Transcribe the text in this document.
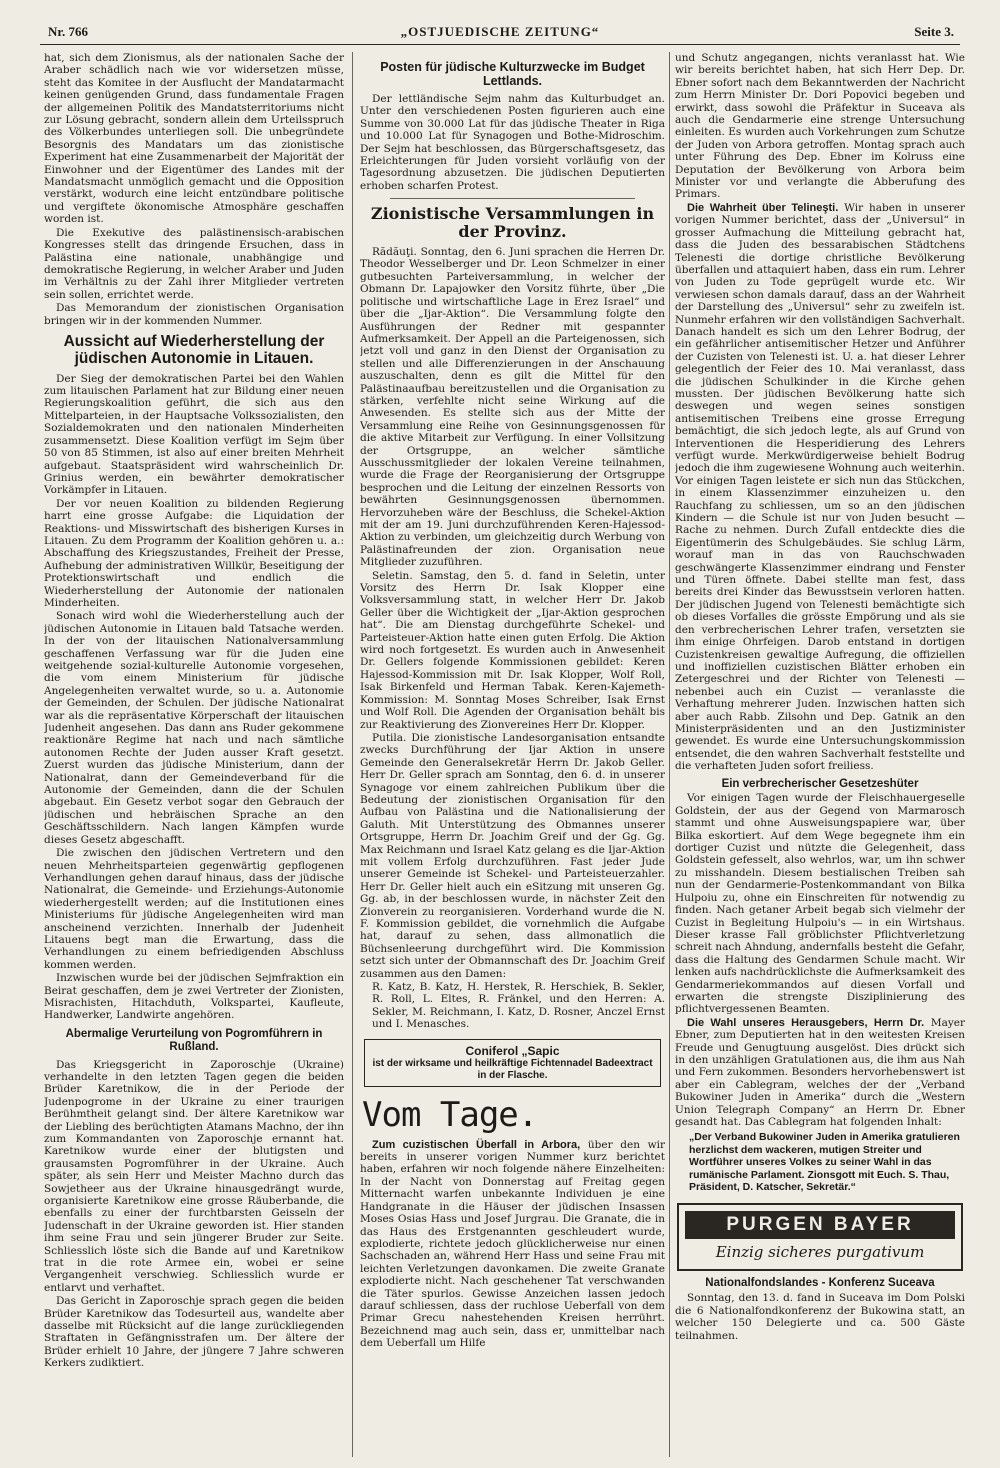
„OSTJUEDISCHE ZEITUNG“
Nr. 766	Seite 3.

hat, sich dem Zionismus, als der nationalen Sache der Araber schädlich nach wie vor widersetzen müsse, steht das Komitee in der Ausflucht der Mandatarmacht keinen genügenden Grund, dass fundamentale Fragen der allgemeinen Politik des Mandatsterritoriums nicht zur Lösung gebracht, sondern allein dem Urteilsspruch des Völkerbundes unterliegen soll. Die unbegründete Besorgnis des Mandatars um das zionistische Experiment hat eine Zusammenarbeit der Majorität der Einwohner und der Eigentümer des Landes mit der Mandatsmacht unmöglich gemacht und die Opposition verstärkt, wodurch eine leicht entzündbare politische und vergiftete ökonomische Atmosphäre geschaffen worden ist.

Die Exekutive des palästinensisch-arabischen Kongresses stellt das dringende Ersuchen, dass in Palästina eine nationale, unabhängige und demokratische Regierung, in welcher Araber und Juden im Verhältnis zu der Zahl ihrer Mitglieder vertreten sein sollen, errichtet werde.

Das Memorandum der zionistischen Organisation bringen wir in der kommenden Nummer.

Aussicht auf Wiederherstellung der jüdischen Autonomie in Litauen.

Der Sieg der demokratischen Partei bei den Wahlen zum litauischen Parlament hat zur Bildung einer neuen Regierungskoalition geführt, die sich aus den Mittelparteien, in der Hauptsache Volkssozialisten, den Sozialdemokraten und den nationalen Minderheiten zusammensetzt. Diese Koalition verfügt im Sejm über 50 von 85 Stimmen, ist also auf einer breiten Mehrheit aufgebaut. Staatspräsident wird wahrscheinlich Dr. Grinius werden, ein bewährter demokratischer Vorkämpfer in Litauen.

Der vor neuen Koalition zu bildenden Regierung harrt eine grosse Aufgabe: die Liquidation der Reaktions- und Misswirtschaft des bisherigen Kurses in Litauen. Zu dem Programm der Koalition gehören u. a.: Abschaffung des Kriegszustandes, Freiheit der Presse, Aufhebung der administrativen Willkür, Beseitigung der Protektionswirtschaft und endlich die Wiederherstellung der Autonomie der nationalen Minderheiten.

Sonach wird wohl die Wiederherstellung auch der jüdischen Autonomie in Litauen bald Tatsache werden. In der von der litauischen Nationalversammlung geschaffenen Verfassung war für die Juden eine weitgehende sozial-kulturelle Autonomie vorgesehen, die vom einem Ministerium für jüdische Angelegenheiten verwaltet wurde, so u. a. Autonomie der Gemeinden, der Schulen. Der jüdische Nationalrat war als die repräsentative Körperschaft der litauischen Judenheit angesehen. Das dann ans Ruder gekommene reaktionäre Regime hat nach und nach sämtliche autonomen Rechte der Juden ausser Kraft gesetzt. Zuerst wurden das jüdische Ministerium, dann der Nationalrat, dann der Gemeindeverband für die Autonomie der Gemeinden, dann die der Schulen abgebaut. Ein Gesetz verbot sogar den Gebrauch der jüdischen und hebräischen Sprache an den Geschäftsschildern. Nach langen Kämpfen wurde dieses Gesetz abgeschafft.

Die zwischen den jüdischen Vertretern und den neuen Mehrheitsparteien gegenwärtig gepflogenen Verhandlungen gehen darauf hinaus, dass der jüdische Nationalrat, die Gemeinde- und Erziehungs-Autonomie wiederhergestellt werden; auf die Institutionen eines Ministeriums für jüdische Angelegenheiten wird man anscheinend verzichten. Innerhalb der Judenheit Litauens begt man die Erwartung, dass die Verhandlungen zu einem befriedigenden Abschluss kommen werden.

Inzwischen wurde bei der jüdischen Sejmfraktion ein Beirat geschaffen, dem je zwei Vertreter der Zionisten, Misrachisten, Hitachduth, Volkspartei, Kaufleute, Handwerker, Landwirte angehören.

Abermalige Verurteilung von Pogromführern in Rußland.

Das Kriegsgericht in Zaporoschje (Ukraine) verhandelte in den letzten Tagen gegen die beiden Brüder Karetnikow, die in der Periode der Judenpogrome in der Ukraine zu einer traurigen Berühmtheit gelangt sind. Der ältere Karetnikow war der Liebling des berüchtigten Atamans Machno, der ihn zum Kommandanten von Zaporoschje ernannt hat. Karetnikow wurde einer der blutigsten und grausamsten Pogromführer in der Ukraine. Auch später, als sein Herr und Meister Machno durch das Sowjetheer aus der Ukraine hinausgedrängt wurde, organisierte Karetnikow eine grosse Räuberbande, die ebenfalls zu einer der furchtbarsten Geisseln der Judenschaft in der Ukraine geworden ist. Hier standen ihm seine Frau und sein jüngerer Bruder zur Seite. Schliesslich löste sich die Bande auf und Karetnikow trat in die rote Armee ein, wobei er seine Vergangenheit verschwieg. Schliesslich wurde er entlarvt und verhaftet.

Das Gericht in Zaporoschje sprach gegen die beiden Brüder Karetnikow das Todesurteil aus, wandelte aber dasselbe mit Rücksicht auf die lange zurückliegenden Straftaten in Gefängnisstrafen um. Der ältere der Brüder erhielt 10 Jahre, der jüngere 7 Jahre schweren Kerkers zudiktiert.

Posten für jüdische Kulturzwecke im Budget Lettlands.

Der lettländische Sejm nahm das Kulturbudget an. Unter den verschiedenen Posten figurieren auch eine Summe von 30.000 Lat für das jüdische Theater in Riga und 10.000 Lat für Synagogen und Bothe-Midroschim. Der Sejm hat beschlossen, das Bürgerschaftsgesetz, das Erleichterungen für Juden vorsieht vorläufig von der Tagesordnung abzusetzen. Die jüdischen Deputierten erhoben scharfen Protest.

Zionistische Versammlungen in der Provinz.

Rădăuţi. Sonntag, den 6. Juni sprachen die Herren Dr. Theodor Wesselberger und Dr. Leon Schmelzer in einer gutbesuchten Parteiversammlung, in welcher der Obmann Dr. Lapajowker den Vorsitz führte, über „Die politische und wirtschaftliche Lage in Erez Israel“ und über die „Ijar-Aktion“. Die Versammlung folgte den Ausführungen der Redner mit gespannter Aufmerksamkeit. Der Appell an die Parteigenossen, sich jetzt voll und ganz in den Dienst der Organisation zu stellen und alle Differenzierungen in der Anschauung auszuschalten, denn es gilt die Mittel für den Palästinaaufbau bereitzustellen und die Organisation zu stärken, verfehlte nicht seine Wirkung auf die Anwesenden. Es stellte sich aus der Mitte der Versammlung eine Reihe von Gesinnungsgenossen für die aktive Mitarbeit zur Verfügung. In einer Vollsitzung der Ortsgruppe, an welcher sämtliche Ausschussmitglieder der lokalen Vereine teilnahmen, wurde die Frage der Reorganisierung der Ortsgruppe besprochen und die Leitung der einzelnen Ressorts von bewährten Gesinnungsgenossen übernommen. Hervorzuheben wäre der Beschluss, die Schekel-Aktion mit der am 19. Juni durchzuführenden Keren-Hajessod-Aktion zu verbinden, um gleichzeitig durch Werbung von Palästinafreunden der zion. Organisation neue Mitglieder zuzuführen.

Seletin. Samstag, den 5. d. fand in Seletin, unter Vorsitz des Herrn Dr. Isak Klopper eine Volksversammlung statt, in welcher Herr Dr. Jakob Geller über die Wichtigkeit der „Ijar-Aktion gesprochen hat“. Die am Dienstag durchgeführte Schekel- und Parteisteuer-Aktion hatte einen guten Erfolg. Die Aktion wird noch fortgesetzt. Es wurden auch in Anwesenheit Dr. Gellers folgende Kommissionen gebildet: Keren Hajessod-Kommission mit Dr. Isak Klopper, Wolf Roll, Isak Birkenfeld und Herman Tabak. Keren-Kajemeth-Kommission: M. Sonntag Moses Schreiber, Isak Ernst und Wolf Roll. Die Agenden der Organisation behält bis zur Reaktivierung des Zionvereines Herr Dr. Klopper.

Putila. Die zionistische Landesorganisation entsandte zwecks Durchführung der Ijar Aktion in unsere Gemeinde den Generalsekretär Herrn Dr. Jakob Geller. Herr Dr. Geller sprach am Sonntag, den 6. d. in unserer Synagoge vor einem zahlreichen Publikum über die Bedeutung der zionistischen Organisation für den Aufbau von Palästina und die Nationalisierung der Galuth. Mit Unterstützung des Obmannes unserer Ortsgruppe, Herrn Dr. Joachim Greif und der Gg. Gg. Max Reichmann und Israel Katz gelang es die Ijar-Aktion mit vollem Erfolg durchzuführen. Fast jeder Jude unserer Gemeinde ist Schekel- und Parteisteuerzahler. Herr Dr. Geller hielt auch ein eSitzung mit unseren Gg. Gg. ab, in der beschlossen wurde, in nächster Zeit den Zionverein zu reorganisieren. Vorderhand wurde die N. F. Kommission gebildet, die vornehmlich die Aufgabe hat, darauf zu sehen, dass allmonatlich die Büchsenleerung durchgeführt wird. Die Kommission setzt sich unter der Obmannschaft des Dr. Joachim Greif zusammen aus den Damen:

R. Katz, B. Katz, H. Herstek, R. Herschiek, B. Sekler, R. Roll, L. Eltes, R. Fränkel, und den Herren: A. Sekler, M. Reichmann, I. Katz, D. Rosner, Anczel Ernst und I. Menasches.

Coniferol „Sapic
ist der wirksame und heilkräftige Fichtennadel Badeextract in der Flasche.
Vom Tage.

Zum cuzistischen Überfall in Arbora, über den wir bereits in unserer vorigen Nummer kurz berichtet haben, erfahren wir noch folgende nähere Einzelheiten: In der Nacht von Donnerstag auf Freitag gegen Mitternacht warfen unbekannte Individuen je eine Handgranate in die Häuser der jüdischen Insassen Moses Osias Hass und Josef Jurgrau. Die Granate, die in das Haus des Erstgenannten geschleudert wurde, explodierte, richtete jedoch glücklicherweise nur einen Sachschaden an, während Herr Hass und seine Frau mit leichten Verletzungen davonkamen. Die zweite Granate explodierte nicht. Nach geschehener Tat verschwanden die Täter spurlos. Gewisse Anzeichen lassen jedoch darauf schliessen, dass der ruchlose Ueberfall von dem Primar Grecu nahestehenden Kreisen herrührt. Bezeichnend mag auch sein, dass er, unmittelbar nach dem Ueberfall um Hilfe

und Schutz angegangen, nichts veranlasst hat. Wie wir bereits berichtet haben, hat sich Herr Dep. Dr. Ebner sofort nach dem Bekanntwerden der Nachricht zum Herrn Minister Dr. Dori Popovici begeben und erwirkt, dass sowohl die Präfektur in Suceava als auch die Gendarmerie eine strenge Untersuchung einleiten. Es wurden auch Vorkehrungen zum Schutze der Juden von Arbora getroffen. Montag sprach auch unter Führung des Dep. Ebner im Kolruss eine Deputation der Bevölkerung von Arbora beim Minister vor und verlangte die Abberufung des Primars.

Die Wahrheit über Telineşti. Wir haben in unserer vorigen Nummer berichtet, dass der „Universul“ in grosser Aufmachung die Mitteilung gebracht hat, dass die Juden des bessarabischen Städtchens Telenesti die dortige christliche Bevölkerung überfallen und attaquiert haben, dass ein rum. Lehrer von Juden zu Tode geprügelt wurde etc. Wir verwiesen schon damals darauf, dass an der Wahrheit der Darstellung des „Universul“ sehr zu zweifeln ist. Nunmehr erfahren wir den vollständigen Sachverhalt. Danach handelt es sich um den Lehrer Bodrug, der ein gefährlicher antisemitischer Hetzer und Anführer der Cuzisten von Telenesti ist. U. a. hat dieser Lehrer gelegentlich der Feier des 10. Mai veranlasst, dass die jüdischen Schulkinder in die Kirche gehen mussten. Der jüdischen Bevölkerung hatte sich deswegen und wegen seines sonstigen antisemitischen Treibens eine grosse Erregung bemächtigt, die sich jedoch legte, als auf Grund von Interventionen die Hesperidierung des Lehrers verfügt wurde. Merkwürdigerweise behielt Bodrug jedoch die ihm zugewiesene Wohnung auch weiterhin. Vor einigen Tagen leistete er sich nun das Stückchen, in einem Klassenzimmer einzuheizen u. den Rauchfang zu schliessen, um so an den jüdischen Kindern — die Schule ist nur von Juden besucht — Rache zu nehmen. Durch Zufall entdeckte dies die Eigentümerin des Schulgebäudes. Sie schlug Lärm, worauf man in das von Rauchschwaden geschwängerte Klassenzimmer eindrang und Fenster und Türen öffnete. Dabei stellte man fest, dass bereits drei Kinder das Bewusstsein verloren hatten. Der jüdischen Jugend von Telenesti bemächtigte sich ob dieses Vorfalles die grösste Empörung und als sie den verbrecherischen Lehrer trafen, versetzten sie ihm einige Ohrfeigen. Darob entstand in dortigen Cuzistenkreisen gewaltige Aufregung, die offiziellen und inoffiziellen cuzistischen Blätter erhoben ein Zetergeschrei und der Richter von Telenesti — nebenbei auch ein Cuzist — veranlasste die Verhaftung mehrerer Juden. Inzwischen hatten sich aber auch Rabb. Zilsohn und Dep. Gatnik an den Ministerpräsidenten und an den Justizminister gewendet. Es wurde eine Untersuchungskommission entsendet, die den wahren Sachverhalt feststellte und die verhafteten Juden sofort freiliess.

Ein verbrecherischer Gesetzeshüter

Vor einigen Tagen wurde der Fleischhauergeselle Goldstein, der aus der Gegend von Marmarosch stammt und ohne Ausweisungspapiere war, über Bilka eskortiert. Auf dem Wege begegnete ihm ein dortiger Cuzist und nützte die Gelegenheit, dass Goldstein gefesselt, also wehrlos, war, um ihn schwer zu misshandeln. Diesem bestialischen Treiben sah nun der Gendarmerie-Postenkommandant von Bilka Hulpoiu zu, ohne ein Einschreiten für notwendig zu finden. Nach getaner Arbeit begab sich vielmehr der Cuzist in Begleitung Hulpoiu's — in ein Wirtshaus. Dieser krasse Fall gröblichster Pflichtverletzung schreit nach Ahndung, andernfalls besteht die Gefahr, dass die Haltung des Gendarmen Schule macht. Wir lenken aufs nachdrücklichste die Aufmerksamkeit des Gendarmeriekommandos auf diesen Vorfall und erwarten die strengste Disziplinierung des pflichtvergessenen Beamten.

Die Wahl unseres Herausgebers, Herrn Dr. Mayer Ebner, zum Deputierten hat in den weitesten Kreisen Freude und Genugtuung ausgelöst. Dies drückt sich in den unzähligen Gratulationen aus, die ihm aus Nah und Fern zukommen. Besonders hervorhebenswert ist aber ein Cablegram, welches der der „Verband Bukowiner Juden in Amerika“ durch die „Western Union Telegraph Company“ an Herrn Dr. Ebner gesandt hat. Das Cablegram hat folgenden Inhalt:

„Der Verband Bukowiner Juden in Amerika gratulieren herzlichst dem wackeren, mutigen Streiter und Wortführer unseres Volkes zu seiner Wahl in das rumänische Parlament. Zionsgott mit Euch. S. Thau, Präsident, D. Katscher, Sekretär.“
PURGEN BAYER
Einzig sicheres purgativum
Nationalfondslandes - Konferenz Suceava

Sonntag, den 13. d. fand in Suceava im Dom Polski die 6 Nationalfondkonferenz der Bukowina statt, an welcher 150 Delegierte und ca. 500 Gäste teilnahmen.
